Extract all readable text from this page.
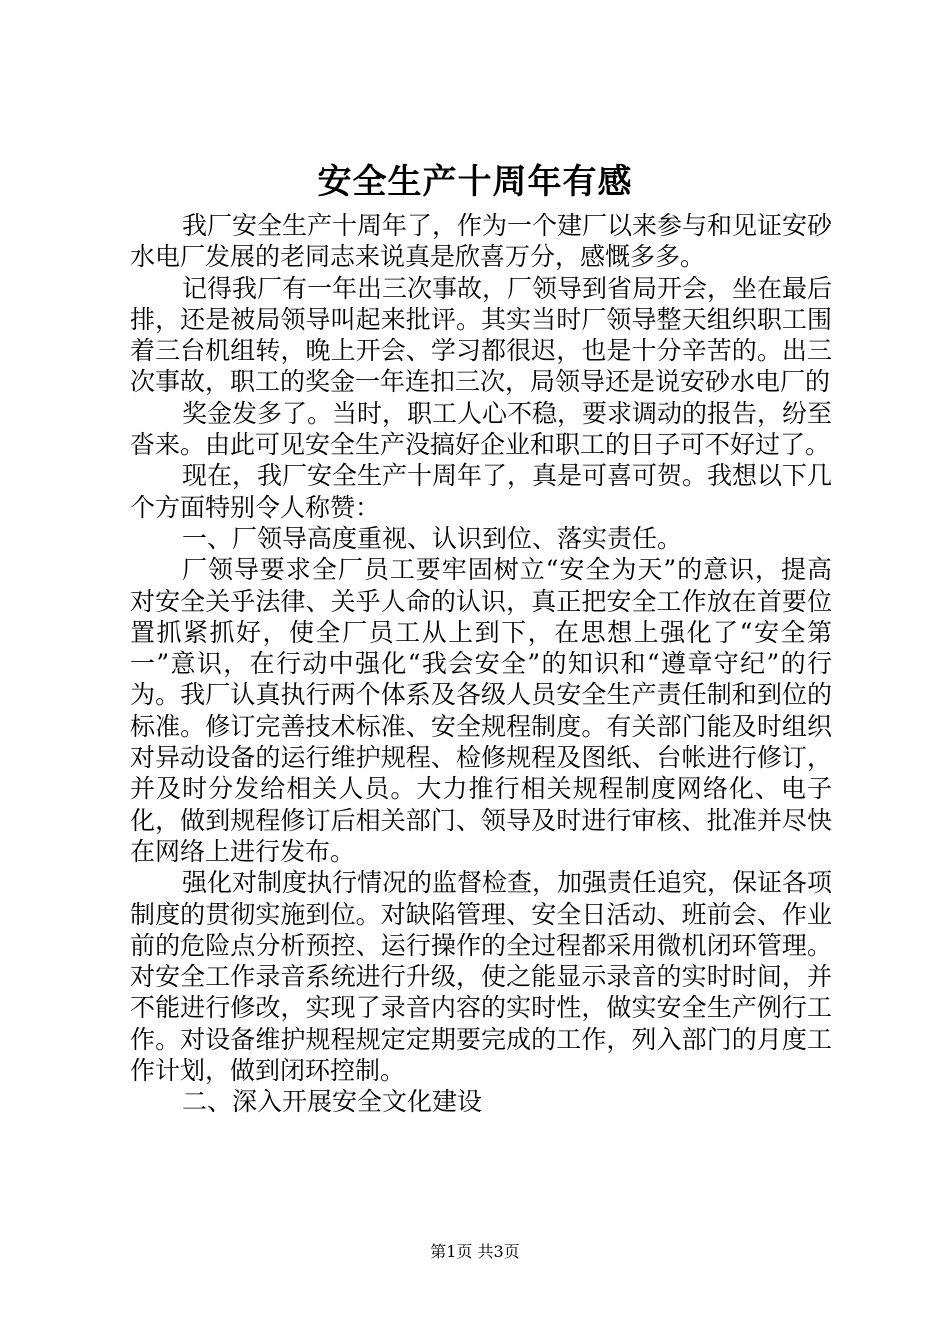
安全生产十周年有感

我厂安全生产十周年了，作为一个建厂以来参与和见证安砂水电厂发展的老同志来说真是欣喜万分，感慨多多。

记得我厂有一年出三次事故，厂领导到省局开会，坐在最后排，还是被局领导叫起来批评。其实当时厂领导整天组织职工围着三台机组转，晚上开会、学习都很迟，也是十分辛苦的。出三次事故，职工的奖金一年连扣三次，局领导还是说安砂水电厂的

奖金发多了。当时，职工人心不稳，要求调动的报告，纷至沓来。由此可见安全生产没搞好企业和职工的日子可不好过了。

现在，我厂安全生产十周年了，真是可喜可贺。我想以下几个方面特别令人称赞：

一、厂领导高度重视、认识到位、落实责任。

厂领导要求全厂员工要牢固树立“安全为天”的意识，提高对安全关乎法律、关乎人命的认识，真正把安全工作放在首要位置抓紧抓好，使全厂员工从上到下，在思想上强化了“安全第一”意识，在行动中强化“我会安全”的知识和“遵章守纪”的行为。我厂认真执行两个体系及各级人员安全生产责任制和到位的标准。修订完善技术标准、安全规程制度。有关部门能及时组织对异动设备的运行维护规程、检修规程及图纸、台帐进行修订，并及时分发给相关人员。大力推行相关规程制度网络化、电子化，做到规程修订后相关部门、领导及时进行审核、批准并尽快在网络上进行发布。

强化对制度执行情况的监督检查，加强责任追究，保证各项制度的贯彻实施到位。对缺陷管理、安全日活动、班前会、作业前的危险点分析预控、运行操作的全过程都采用微机闭环管理。对安全工作录音系统进行升级，使之能显示录音的实时时间，并不能进行修改，实现了录音内容的实时性，做实安全生产例行工作。对设备维护规程规定定期要完成的工作，列入部门的月度工作计划，做到闭环控制。

二、深入开展安全文化建设

第1页 共3页
